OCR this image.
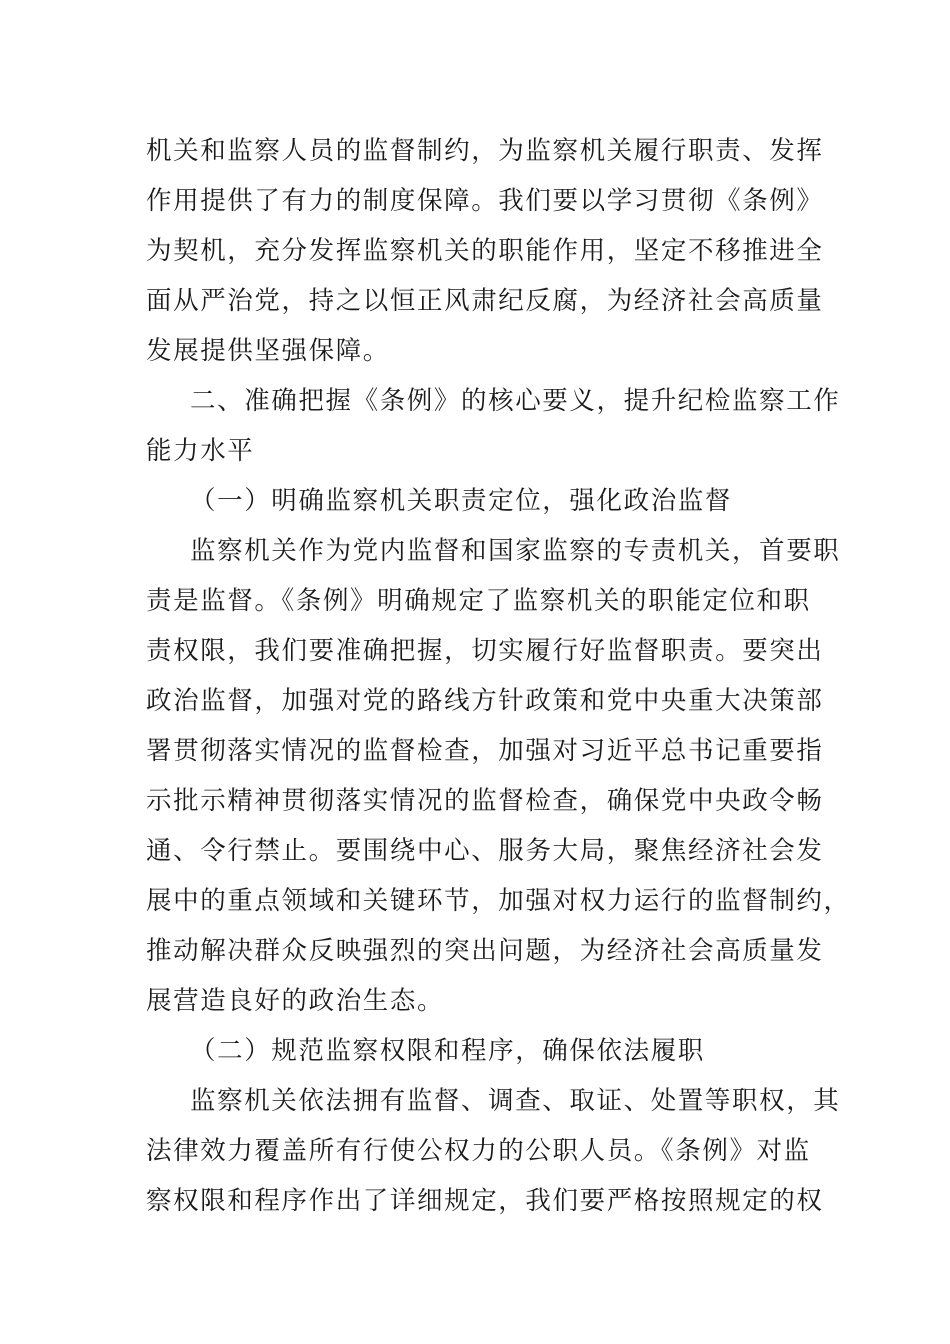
机关和监察人员的监督制约，为监察机关履行职责、发挥
作用提供了有力的制度保障。我们要以学习贯彻《条例》
为契机，充分发挥监察机关的职能作用，坚定不移推进全
面从严治党，持之以恒正风肃纪反腐，为经济社会高质量
发展提供坚强保障。
二、准确把握《条例》的核心要义，提升纪检监察工作
能力水平
（一）明确监察机关职责定位，强化政治监督
监察机关作为党内监督和国家监察的专责机关，首要职
责是监督。《条例》明确规定了监察机关的职能定位和职
责权限，我们要准确把握，切实履行好监督职责。要突出
政治监督，加强对党的路线方针政策和党中央重大决策部
署贯彻落实情况的监督检查，加强对习近平总书记重要指
示批示精神贯彻落实情况的监督检查，确保党中央政令畅
通、令行禁止。要围绕中心、服务大局，聚焦经济社会发
展中的重点领域和关键环节，加强对权力运行的监督制约，
推动解决群众反映强烈的突出问题，为经济社会高质量发
展营造良好的政治生态。
（二）规范监察权限和程序，确保依法履职
监察机关依法拥有监督、调查、取证、处置等职权，其
法律效力覆盖所有行使公权力的公职人员。《条例》对监
察权限和程序作出了详细规定，我们要严格按照规定的权
